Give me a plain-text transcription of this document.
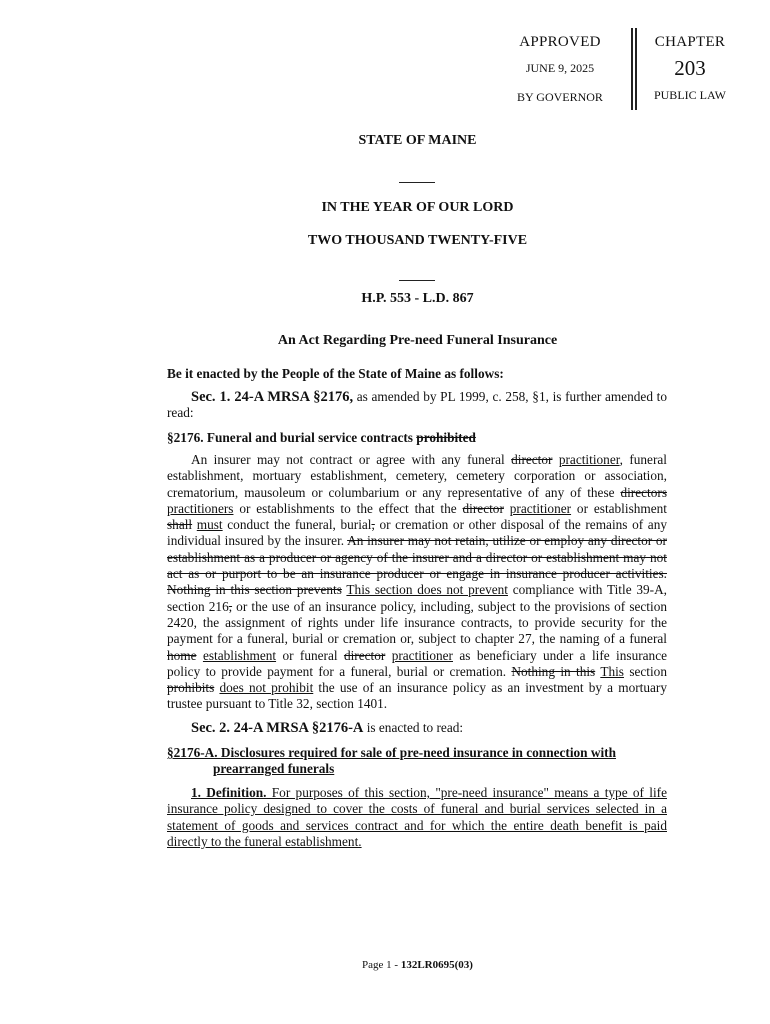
APPROVED
JUNE 9, 2025
BY GOVERNOR
CHAPTER
203
PUBLIC LAW
STATE OF MAINE
IN THE YEAR OF OUR LORD
TWO THOUSAND TWENTY-FIVE
H.P. 553 - L.D. 867
An Act Regarding Pre-need Funeral Insurance

Be it enacted by the People of the State of Maine as follows:

Sec. 1. 24-A MRSA §2176, as amended by PL 1999, c. 258, §1, is further amended to read:

§2176. Funeral and burial service contracts prohibited

An insurer may not contract or agree with any funeral director practitioner, funeral establishment, mortuary establishment, cemetery, cemetery corporation or association, crematorium, mausoleum or columbarium or any representative of any of these directors practitioners or establishments to the effect that the director practitioner or establishment shall must conduct the funeral, burial, or cremation or other disposal of the remains of any individual insured by the insurer. An insurer may not retain, utilize or employ any director or establishment as a producer or agency of the insurer and a director or establishment may not act as or purport to be an insurance producer or engage in insurance producer activities. Nothing in this section prevents This section does not prevent compliance with Title 39-A, section 216, or the use of an insurance policy, including, subject to the provisions of section 2420, the assignment of rights under life insurance contracts, to provide security for the payment for a funeral, burial or cremation or, subject to chapter 27, the naming of a funeral home establishment or funeral director practitioner as beneficiary under a life insurance policy to provide payment for a funeral, burial or cremation. Nothing in this This section prohibits does not prohibit the use of an insurance policy as an investment by a mortuary trustee pursuant to Title 32, section 1401.

Sec. 2. 24-A MRSA §2176-A is enacted to read:

§2176-A. Disclosures required for sale of pre-need insurance in connection with prearranged funerals

1. Definition. For purposes of this section, "pre-need insurance" means a type of life insurance policy designed to cover the costs of funeral and burial services selected in a statement of goods and services contract and for which the entire death benefit is paid directly to the funeral establishment.

Page 1 - 132LR0695(03)
